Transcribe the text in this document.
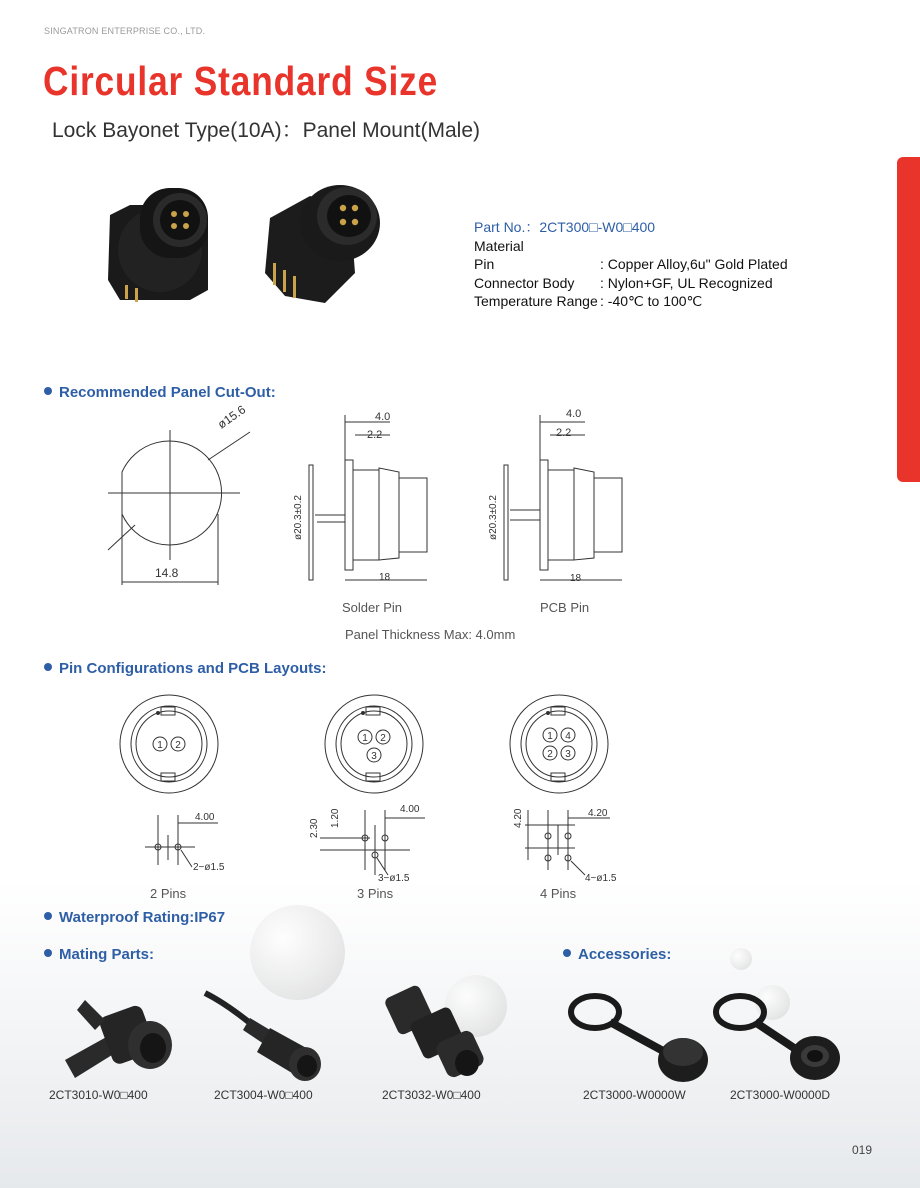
SINGATRON ENTERPRISE CO., LTD.
Circular Standard Size
Lock Bayonet Type(10A)：Panel Mount(Male)
Part No.：2CT300□-W0□400
Material
Pin	: Copper Alloy,6u" Gold Plated
Connector Body	: Nylon+GF, UL Recognized
Temperature Range : -40℃ to 100℃
Recommended Panel Cut-Out:
ø15.6
14.8
4.0
2.2
ø20.3±0.2
18
4.0
2.2
ø20.3±0.2
18
Solder Pin	PCB Pin
Panel Thickness Max: 4.0mm
Pin Configurations and PCB Layouts:
1 2
1 2
3
1 4
2 3
4.00
2−ø1.5
4.00
2.30
1.20
3−ø1.5
4.20
4.20
4−ø1.5
2 Pins	3 Pins	4 Pins
Waterproof Rating:IP67
Mating Parts:	Accessories:
2CT3010-W0□400	2CT3004-W0□400	2CT3032-W0□400	2CT3000-W0000W	2CT3000-W0000D
019
